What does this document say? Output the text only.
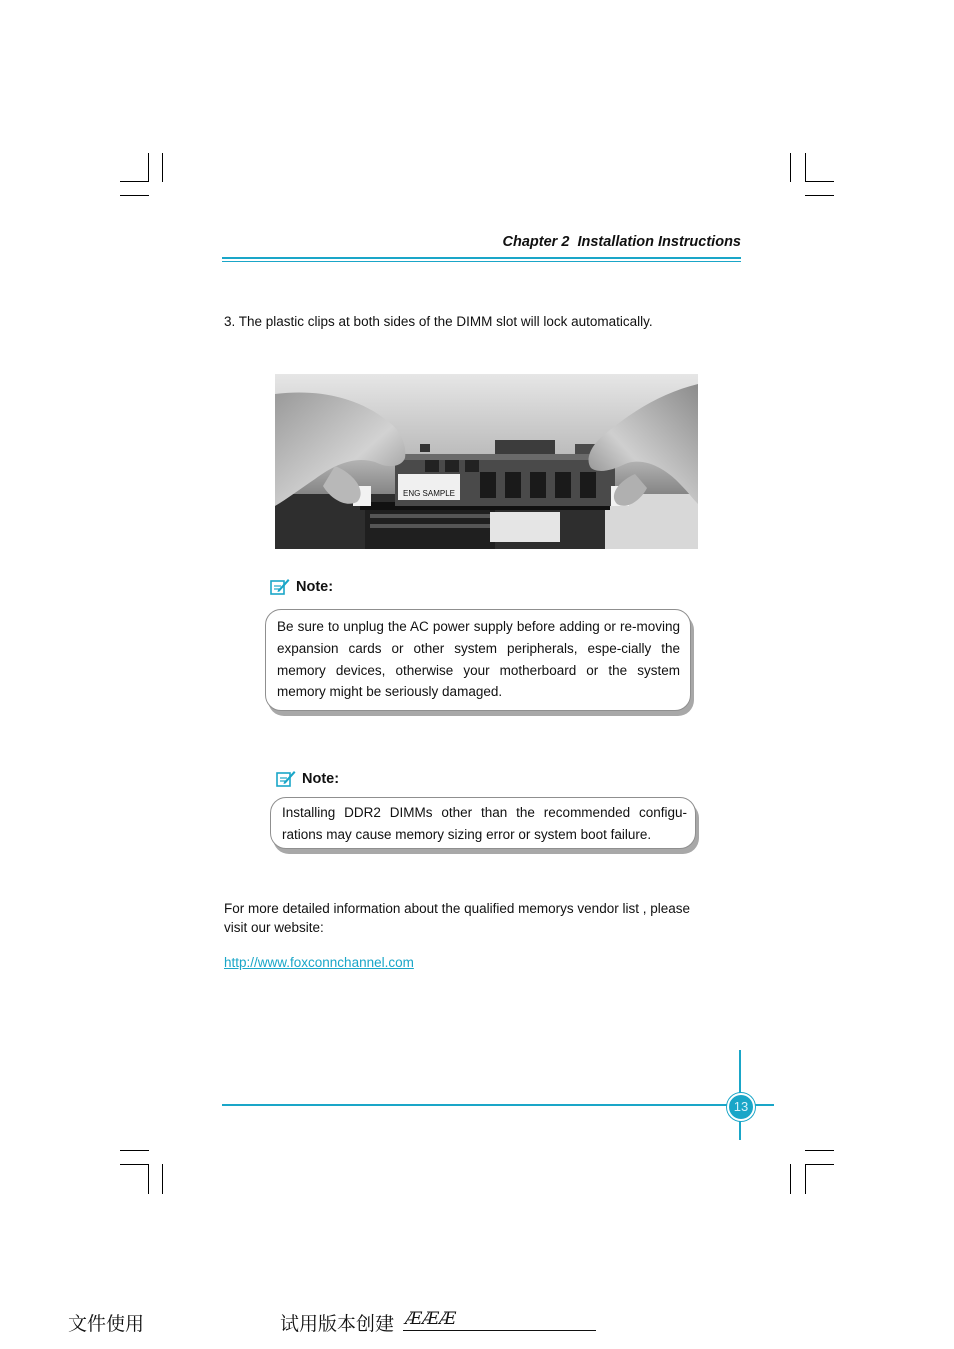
Chapter 2  Installation Instructions
3. The plastic clips at both sides of the DIMM slot will lock automatically.
ENG SAMPLE
Note:

Be sure to unplug the AC power supply before adding or re-moving expansion cards or other system peripherals, espe-cially the memory devices, otherwise your motherboard or the system memory might be seriously damaged.

Note:

Installing DDR2 DIMMs other than the recommended configu-rations may cause memory sizing error or system boot failure.

For more detailed information about the qualified memorys vendor list , please visit our website:
http://www.foxconnchannel.com
13
文件使用	试用版本创建 ÆÆÆ
